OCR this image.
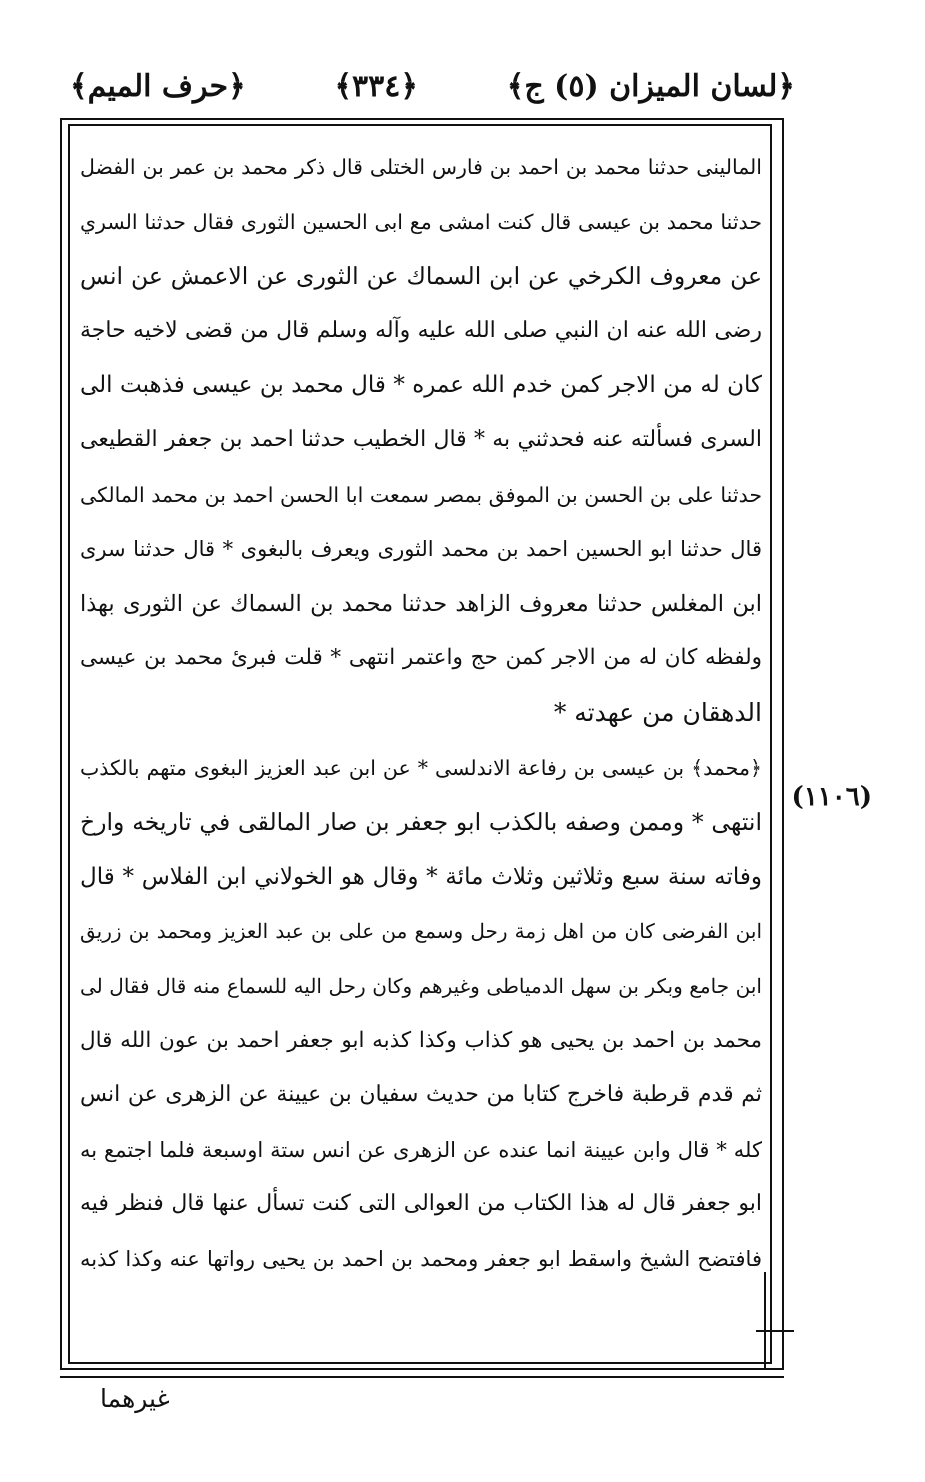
﴿لسان الميزان (٥) ج﴾
﴿٣٣٤﴾
﴿حرف الميم﴾
(١١٠٦)
المالينى حدثنا محمد بن احمد بن فارس الختلى قال ذكر محمد بن عمر بن الفضل
حدثنا محمد بن عيسى قال كنت امشى مع ابى الحسين الثورى فقال حدثنا السري
عن معروف الكرخي عن ابن السماك عن الثورى عن الاعمش عن انس
رضى الله عنه ان النبي صلى الله عليه وآله وسلم قال من قضى لاخيه حاجة
كان له من الاجر كمن خدم الله عمره * قال محمد بن عيسى فذهبت الى
السرى فسألته عنه فحدثني به * قال الخطيب حدثنا احمد بن جعفر القطيعى
حدثنا على بن الحسن بن الموفق بمصر سمعت ابا الحسن احمد بن محمد المالكى
قال حدثنا ابو الحسين احمد بن محمد الثورى ويعرف بالبغوى * قال حدثنا سرى
ابن المغلس حدثنا معروف الزاهد حدثنا محمد بن السماك عن الثورى بهذا
ولفظه كان له من الاجر كمن حج واعتمر انتهى * قلت فبرئ محمد بن عيسى
الدهقان من عهدته *
﴿محمد﴾ بن عيسى بن رفاعة الاندلسى * عن ابن عبد العزيز البغوى متهم بالكذب
انتهى * وممن وصفه بالكذب ابو جعفر بن صار المالقى في تاريخه وارخ
وفاته سنة سبع وثلاثين وثلاث مائة * وقال هو الخولاني ابن الفلاس * قال
ابن الفرضى كان من اهل زمة رحل وسمع من على بن عبد العزيز ومحمد بن زريق
ابن جامع وبكر بن سهل الدمياطى وغيرهم وكان رحل اليه للسماع منه قال فقال لى
محمد بن احمد بن يحيى هو كذاب وكذا كذبه ابو جعفر احمد بن عون الله قال
ثم قدم قرطبة فاخرج كتابا من حديث سفيان بن عيينة عن الزهرى عن انس
كله * قال وابن عيينة انما عنده عن الزهرى عن انس ستة اوسبعة فلما اجتمع به
ابو جعفر قال له هذا الكتاب من العوالى التى كنت تسأل عنها قال فنظر فيه
فافتضح الشيخ واسقط ابو جعفر ومحمد بن احمد بن يحيى رواتها عنه وكذا كذبه
غيرهما
